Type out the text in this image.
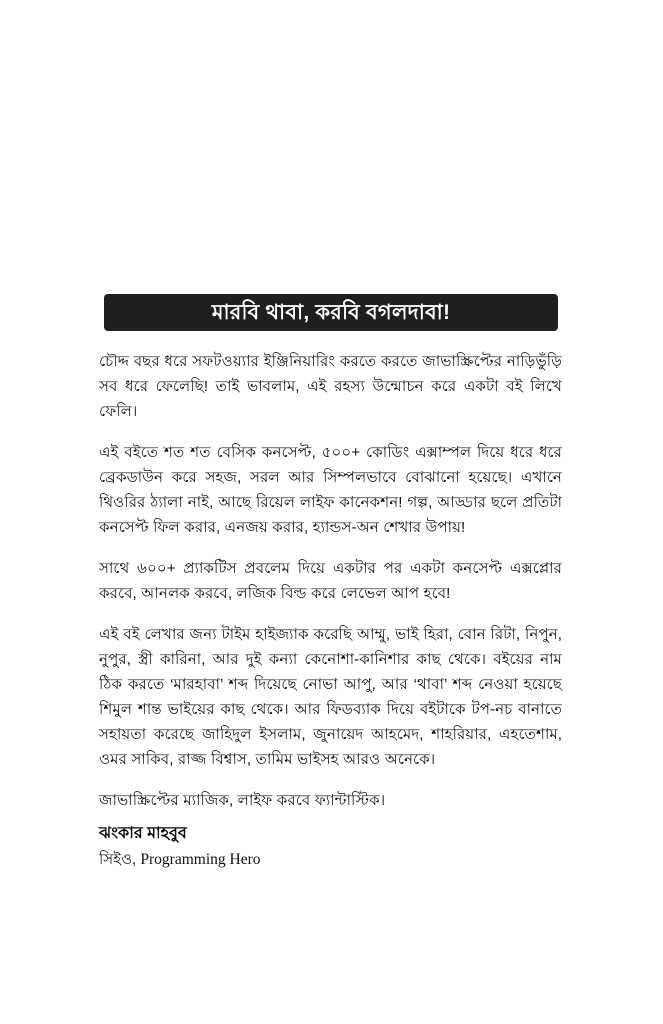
মারবি থাবা, করবি বগলদাবা!

চৌদ্দ বছর ধরে সফটওয়্যার ইঞ্জিনিয়ারিং করতে করতে জাভাস্ক্রিপ্টের নাড়িভুঁড়ি সব ধরে ফেলেছি! তাই ভাবলাম, এই রহস্য উন্মোচন করে একটা বই লিখে ফেলি।

এই বইতে শত শত বেসিক কনসেপ্ট, ৫০০+ কোডিং এক্সাম্পল দিয়ে ধরে ধরে ব্রেকডাউন করে সহজ, সরল আর সিম্পলভাবে বোঝানো হয়েছে। এখানে থিওরির ঠ্যালা নাই, আছে রিয়েল লাইফ কানেকশন! গল্প, আড্ডার ছলে প্রতিটা কনসেপ্ট ফিল করার, এনজয় করার, হ্যান্ডস-অন শেখার উপায়!

সাথে ৬০০+ প্র্যাকটিস প্রবলেম দিয়ে একটার পর একটা কনসেপ্ট এক্সপ্লোর করবে, আনলক করবে, লজিক বিল্ড করে লেভেল আপ হবে!

এই বই লেখার জন্য টাইম হাইজ্যাক করেছি আম্মু, ভাই হিরা, বোন রিটা, নিপুন, নুপুর, স্ত্রী কারিনা, আর দুই কন্যা কেনোশা-কানিশার কাছ থেকে। বইয়ের নাম ঠিক করতে ‘মারহাবা’ শব্দ দিয়েছে নোভা আপু, আর ‘থাবা’ শব্দ নেওয়া হয়েছে শিমুল শান্ত ভাইয়ের কাছ থেকে। আর ফিডব্যাক দিয়ে বইটাকে টপ-নচ বানাতে সহায়তা করেছে জাহিদুল ইসলাম, জুনায়েদ আহমেদ, শাহরিয়ার, এহতেশাম, ওমর সাকিব, রাজ্জ বিশ্বাস, তামিম ভাইসহ আরও অনেকে।

জাভাস্ক্রিপ্টের ম্যাজিক, লাইফ করবে ফ্যান্টাস্টিক।

ঝংকার মাহবুব
সিইও, Programming Hero
